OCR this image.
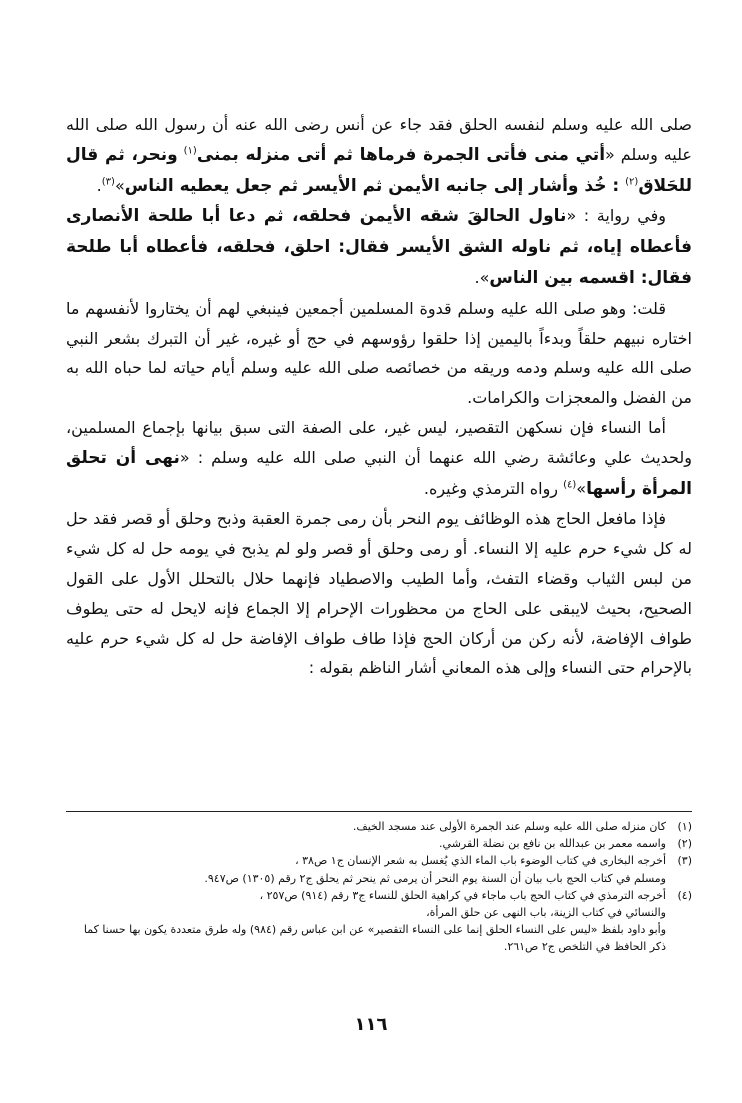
صلى الله عليه وسلم لنفسه الحلق فقد جاء عن أنس رضى الله عنه أن رسول الله صلى الله عليه وسلم «أتي منى فأتى الجمرة فرماها ثم أتى منزله بمنى$^{(١)}$ ونحر، ثم قال للحَلاق$^{(٢)}$ : خُذ وأشار إلى جانبه الأيمن ثم الأيسر ثم جعل يعطيه الناس»$^{(٣)}$.

وفي رواية : «ناول الحالقَ شقه الأيمن فحلقه، ثم دعا أبا طلحة الأنصارى فأعطاه إياه، ثم ناوله الشق الأيسر فقال: احلق، فحلقه، فأعطاه أبا طلحة فقال: اقسمه بين الناس».

قلت: وهو صلى الله عليه وسلم قدوة المسلمين أجمعين فينبغي لهم أن يختاروا لأنفسهم ما اختاره نبيهم حلقاً وبدءاً باليمين إذا حلقوا رؤوسهم في حج أو غيره، غير أن التبرك بشعر النبي صلى الله عليه وسلم ودمه وريقه من خصائصه صلى الله عليه وسلم أيام حياته لما حباه الله به من الفضل والمعجزات والكرامات.

أما النساء فإن نسكهن التقصير، ليس غير، على الصفة التى سبق بيانها بإجماع المسلمين، ولحديث علي وعائشة رضي الله عنهما أن النبي صلى الله عليه وسلم : «نهى أن تحلق المرأة رأسها»$^{(٤)}$ رواه الترمذي وغيره.

فإذا مافعل الحاج هذه الوظائف يوم النحر بأن رمى جمرة العقبة وذبح وحلق أو قصر فقد حل له كل شيء حرم عليه إلا النساء. أو رمى وحلق أو قصر ولو لم يذبح في يومه حل له كل شيء من لبس الثياب وقضاء التفث، وأما الطيب والاصطياد فإنهما حلال بالتحلل الأول على القول الصحيح، بحيث لايبقى على الحاج من محظورات الإحرام إلا الجماع فإنه لايحل له حتى يطوف طواف الإفاضة، لأنه ركن من أركان الحج فإذا طاف طواف الإفاضة حل له كل شيء حرم عليه بالإحرام حتى النساء وإلى هذه المعاني أشار الناظم بقوله :

(١)
كان منزله صلى الله عليه وسلم عند الجمرة الأولى عند مسجد الخيف.
(٢)
واسمه معمر بن عبدالله بن نافع بن نضلة القرشي.
(٣)
أخرجه البخارى في كتاب الوضوء باب الماء الذي يُغسل به شعر الإنسان ج١ ص٣٨ ،
ومسلم في كتاب الحج باب بيان أن السنة يوم النحر أن يرمى ثم ينحر ثم يحلق ج٢ رقم (١٣٠٥) ص٩٤٧.
(٤)
أخرجه الترمذي في كتاب الحج باب ماجاء في كراهية الحلق للنساء ج٣ رقم (٩١٤) ص٢٥٧ ،
والنسائي في كتاب الزينة، باب النهى عن حلق المرأة،
وأبو داود بلفظ «ليس على النساء الحلق إنما على النساء التقصير» عن ابن عباس رقم (٩٨٤) وله طرق متعددة يكون بها حسنا كما ذكر الحافظ في التلخص ج٢ ص٢٦١.
١١٦
